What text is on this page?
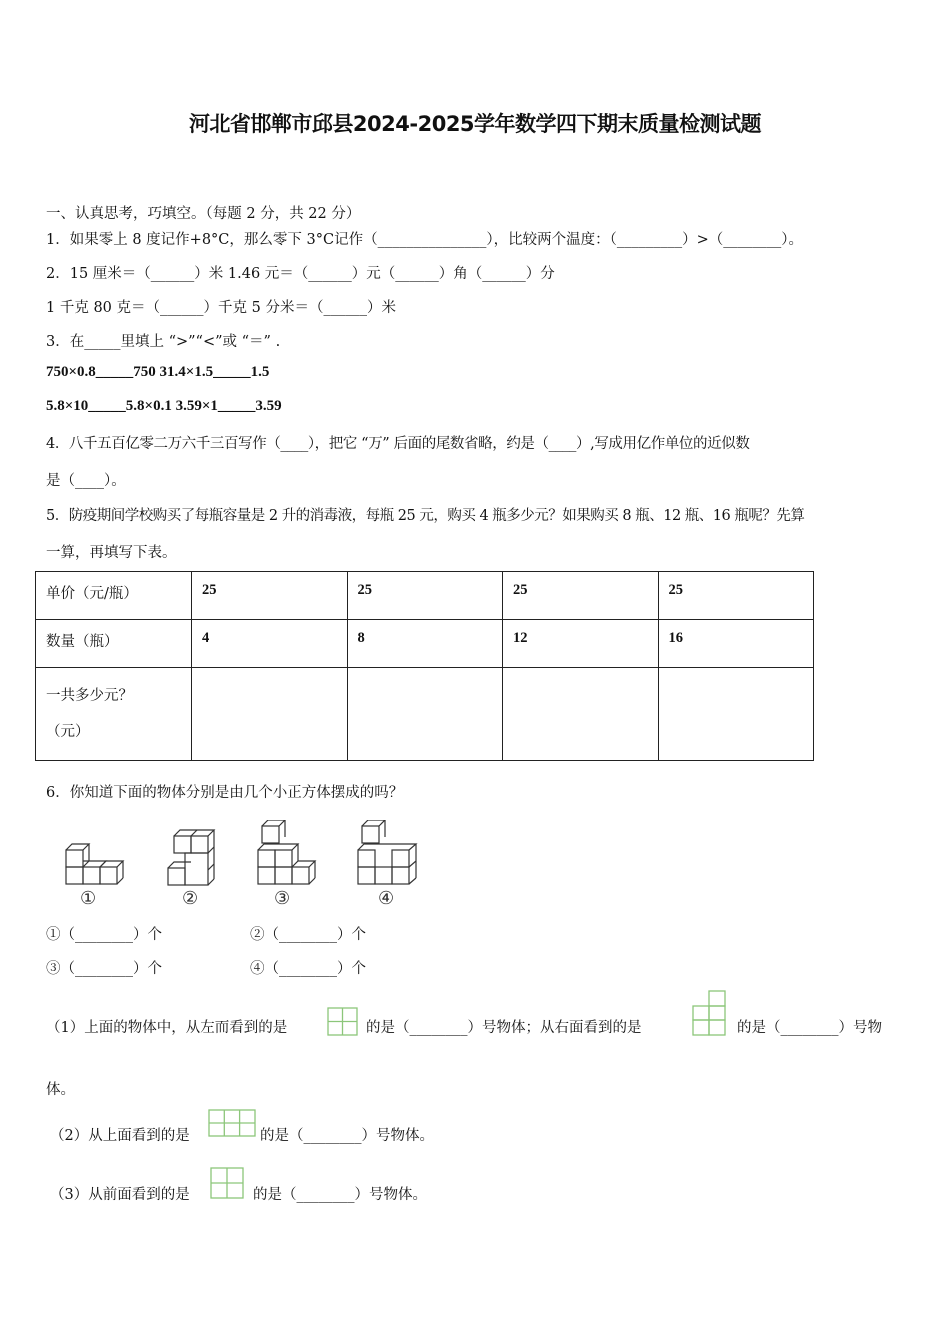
河北省邯郸市邱县2024-2025学年数学四下期末质量检测试题
一、认真思考，巧填空。（每题 2 分，共 22 分）
1．如果零上 8 度记作+8°C，那么零下 3°C记作（_______________），比较两个温度：（_________）>（________）。
2．15 厘米＝（______）米 1.46 元＝（______）元（______）角（______）分
1 千克 80 克＝（______）千克 5 分米＝（______）米
3．在_____里填上 “>”“<”或 “＝” .
750×0.8_____750 31.4×1.5_____1.5
5.8×10_____5.8×0.1 3.59×1_____3.59
4．八千五百亿零二万六千三百写作（____），把它 “万” 后面的尾数省略，约是（____）,写成用亿作单位的近似数
是（____）。
5．防疫期间学校购买了每瓶容量是 2 升的消毒液，每瓶 25 元，购买 4 瓶多少元？如果购买 8 瓶、12 瓶、16 瓶呢？先算
一算，再填写下表。
单价（元/瓶）	25	25	25	25
数量（瓶）	4	8	12	16

一共多少元？
（元）				

6．你知道下面的物体分别是由几个小正方体摆成的吗？
①	②	③	④
①（________）个	②（________）个
③（________）个	④（________）个
（1）上面的物体中，从左而看到的是	的是（________）号物体；从右面看到的是	的是（________）号物
体。
（2）从上面看到的是	的是（________）号物体。
（3）从前面看到的是	的是（________）号物体。
